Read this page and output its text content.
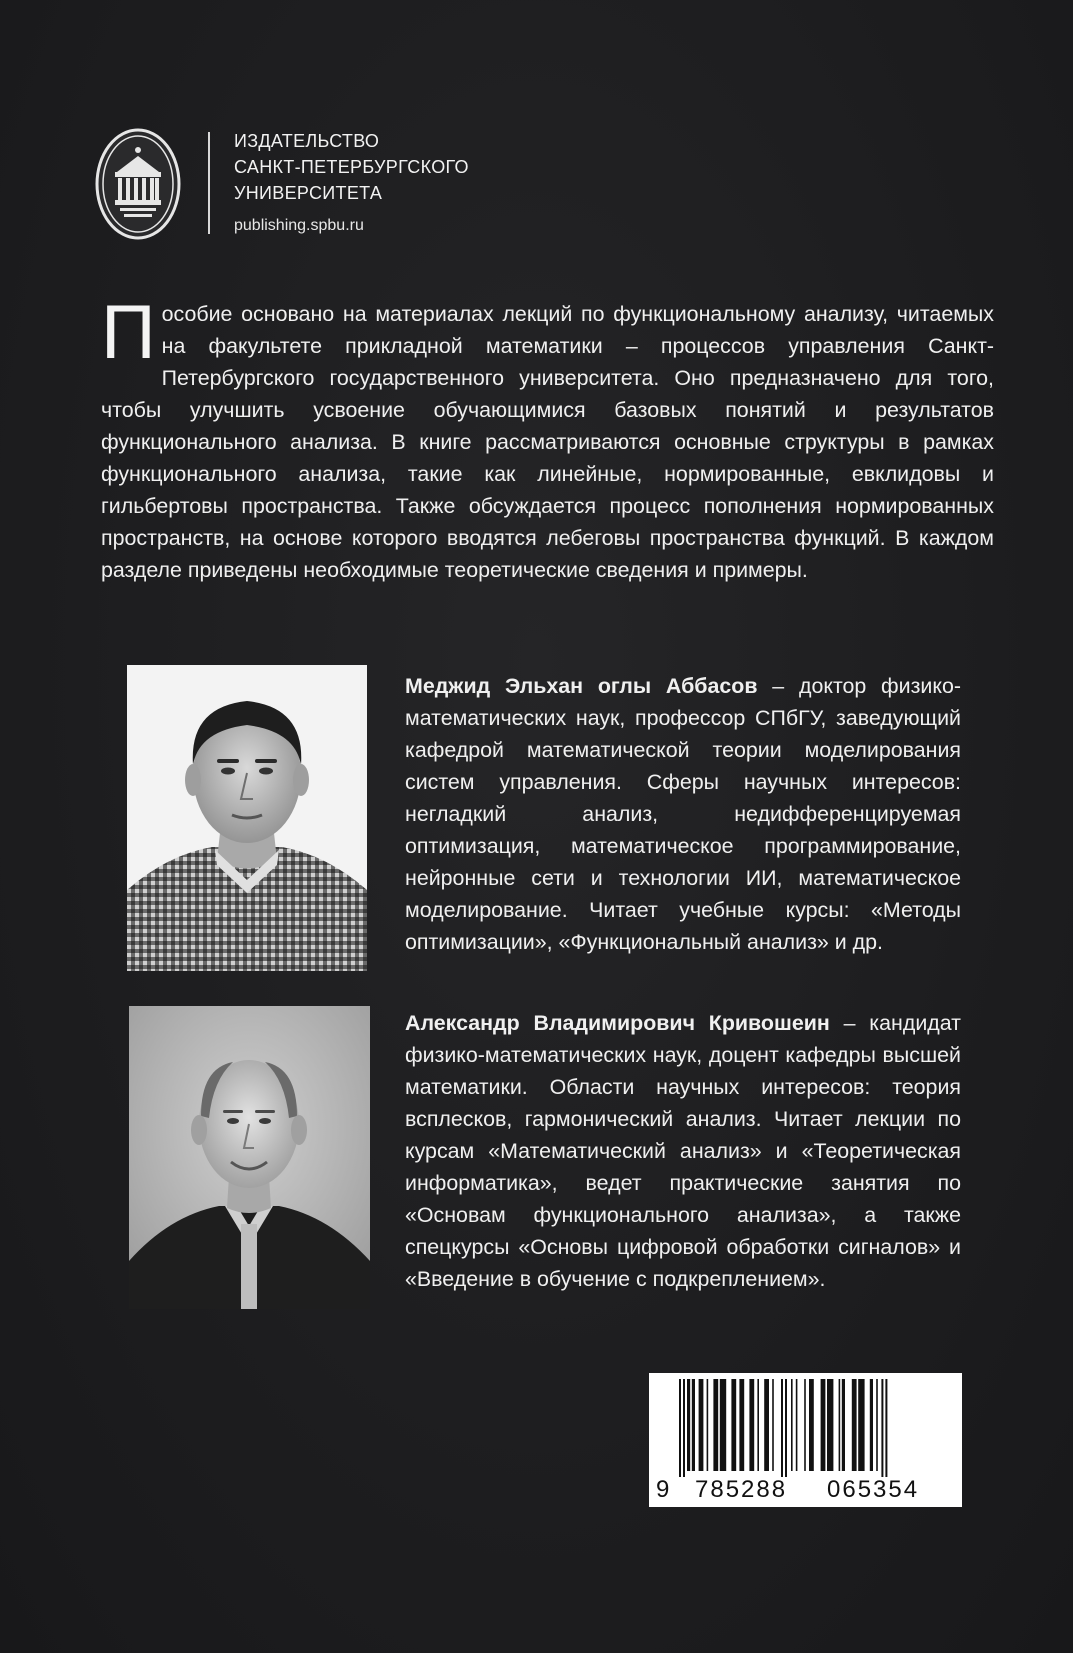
ИЗДАТЕЛЬСТВО
САНКТ-ПЕТЕРБУРГСКОГО
УНИВЕРСИТЕТА

publishing.spbu.ru

Пособие основано на материалах лекций по функциональному анализу, читаемых на факультете прикладной математики – процессов управления Санкт-Петербургского государственного университета. Оно предназначено для того, чтобы улучшить усвоение обучающимися базовых понятий и результатов функционального анализа. В книге рассматриваются основные структуры в рамках функционального анализа, такие как линейные, нормированные, евклидовы и гильбертовы пространства. Также обсуждается процесс пополнения нормированных пространств, на основе которого вводятся лебеговы пространства функций. В каждом разделе приведены необходимые теоретические сведения и примеры.

Меджид Эльхан оглы Аббасов – доктор физико-математических наук, профессор СПбГУ, заведующий кафедрой математической теории моделирования систем управления. Сферы научных интересов: негладкий анализ, недифференцируемая оптимизация, математическое программирование, нейронные сети и технологии ИИ, математическое моделирование. Читает учебные курсы: «Методы оптимизации», «Функциональный анализ» и др.

Александр Владимирович Кривошеин – кандидат физико-математических наук, доцент кафедры высшей математики. Области научных интересов: теория всплесков, гармонический анализ. Читает лекции по курсам «Математический анализ» и «Теоретическая информатика», ведет практические занятия по «Основам функционального анализа», а также спецкурсы «Основы цифровой обработки сигналов» и «Введение в обучение с подкреплением».

9 785288 065354
